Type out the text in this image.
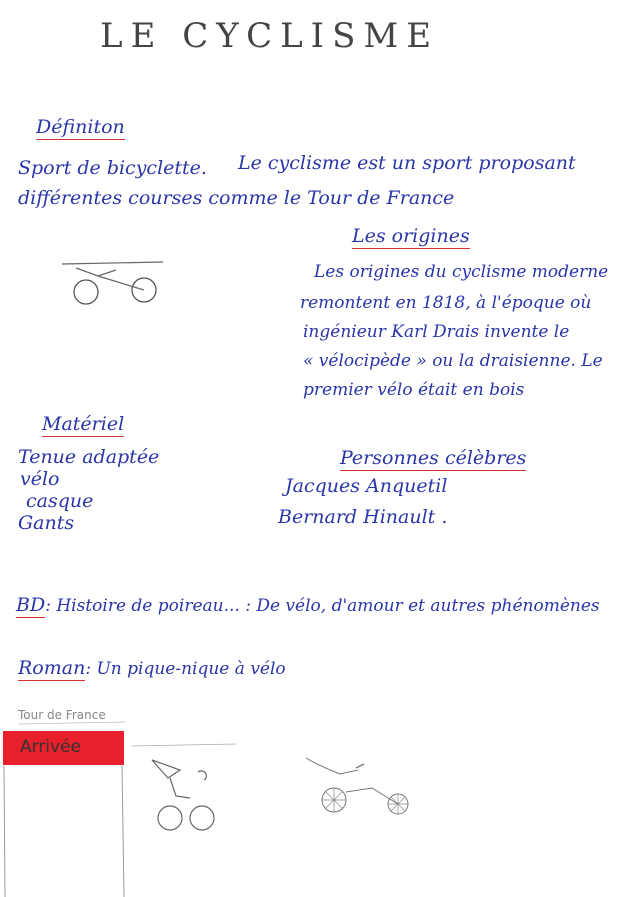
LE CYCLISME
Définiton
Sport de bicyclette. Le cyclisme est un sport proposant
différentes courses comme le Tour de France
Les origines
Les origines du cyclisme moderne
remontent en 1818, à l'époque où
ingénieur Karl Drais invente le
« vélocipède » ou la draisienne. Le
premier vélo était en bois
Matériel
Tenue adaptée
vélo
casque
Gants
Personnes célèbres
Jacques Anquetil
Bernard Hinault .
BD: Histoire de poireau... : De vélo, d'amour et autres phénomènes
Roman: Un pique-nique à vélo
Tour de France
Arrivée
